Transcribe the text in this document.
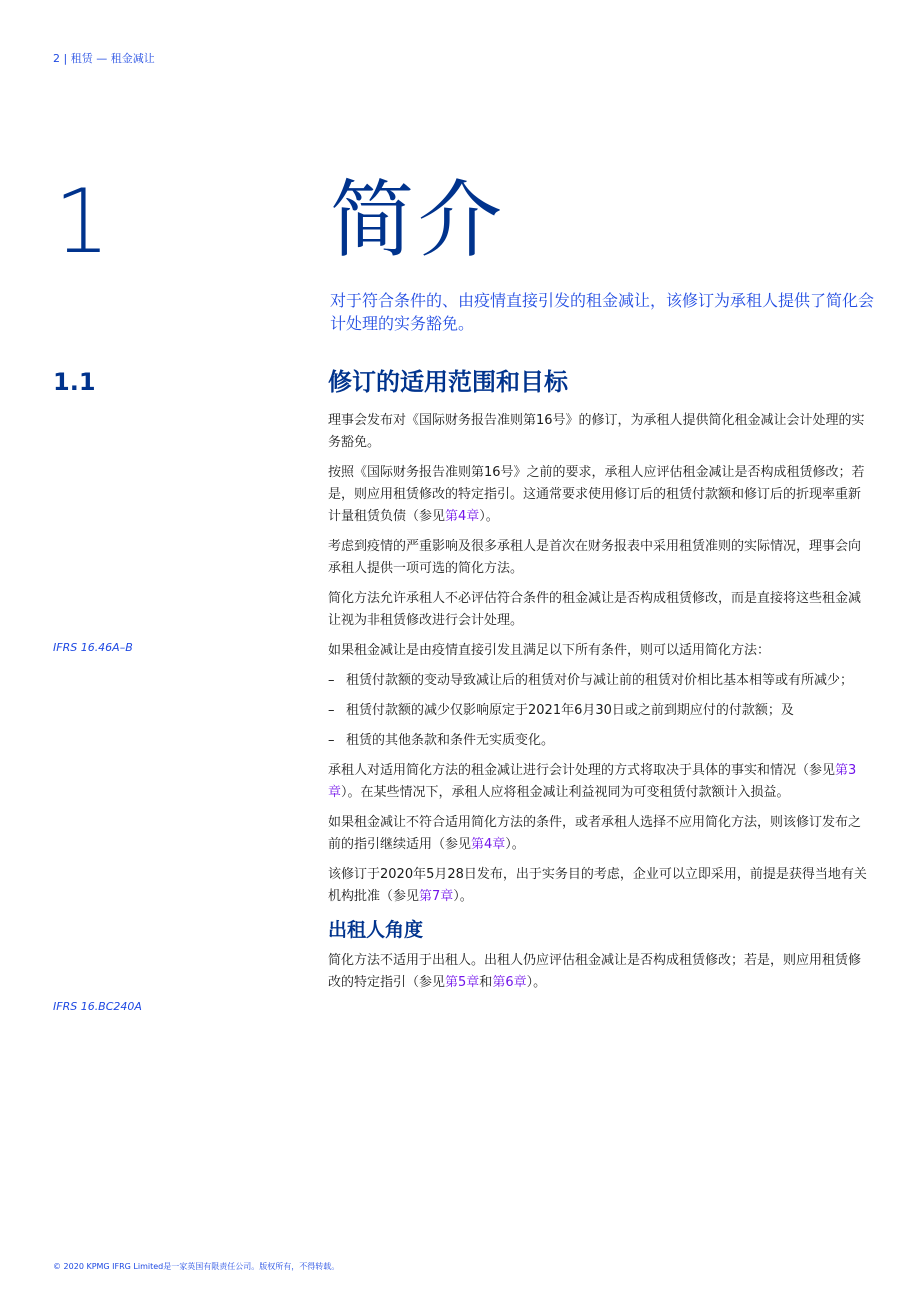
2 | 租赁 — 租金减让
1	简介
对于符合条件的、由疫情直接引发的租金减让，该修订为承租人提供了简化会计处理的实务豁免。
1.1
IFRS 16.46A–B
IFRS 16.BC240A
修订的适用范围和目标

理事会发布对《国际财务报告准则第16号》的修订，为承租人提供简化租金减让会计处理的实务豁免。

按照《国际财务报告准则第16号》之前的要求，承租人应评估租金减让是否构成租赁修改；若是，则应用租赁修改的特定指引。这通常要求使用修订后的租赁付款额和修订后的折现率重新计量租赁负债（参见第4章）。

考虑到疫情的严重影响及很多承租人是首次在财务报表中采用租赁准则的实际情况，理事会向承租人提供一项可选的简化方法。

简化方法允许承租人不必评估符合条件的租金减让是否构成租赁修改，而是直接将这些租金减让视为非租赁修改进行会计处理。

如果租金减让是由疫情直接引发且满足以下所有条件，则可以适用简化方法：

– 租赁付款额的变动导致减让后的租赁对价与减让前的租赁对价相比基本相等或有所减少；
– 租赁付款额的减少仅影响原定于2021年6月30日或之前到期应付的付款额；及
– 租赁的其他条款和条件无实质变化。

承租人对适用简化方法的租金减让进行会计处理的方式将取决于具体的事实和情况（参见第3章）。在某些情况下，承租人应将租金减让利益视同为可变租赁付款额计入损益。

如果租金减让不符合适用简化方法的条件，或者承租人选择不应用简化方法，则该修订发布之前的指引继续适用（参见第4章）。

该修订于2020年5月28日发布，出于实务目的考虑，企业可以立即采用，前提是获得当地有关机构批准（参见第7章）。

出租人角度

简化方法不适用于出租人。出租人仍应评估租金减让是否构成租赁修改；若是，则应用租赁修改的特定指引（参见第5章和第6章）。

© 2020 KPMG IFRG Limited是一家英国有限责任公司。版权所有，不得转载。
